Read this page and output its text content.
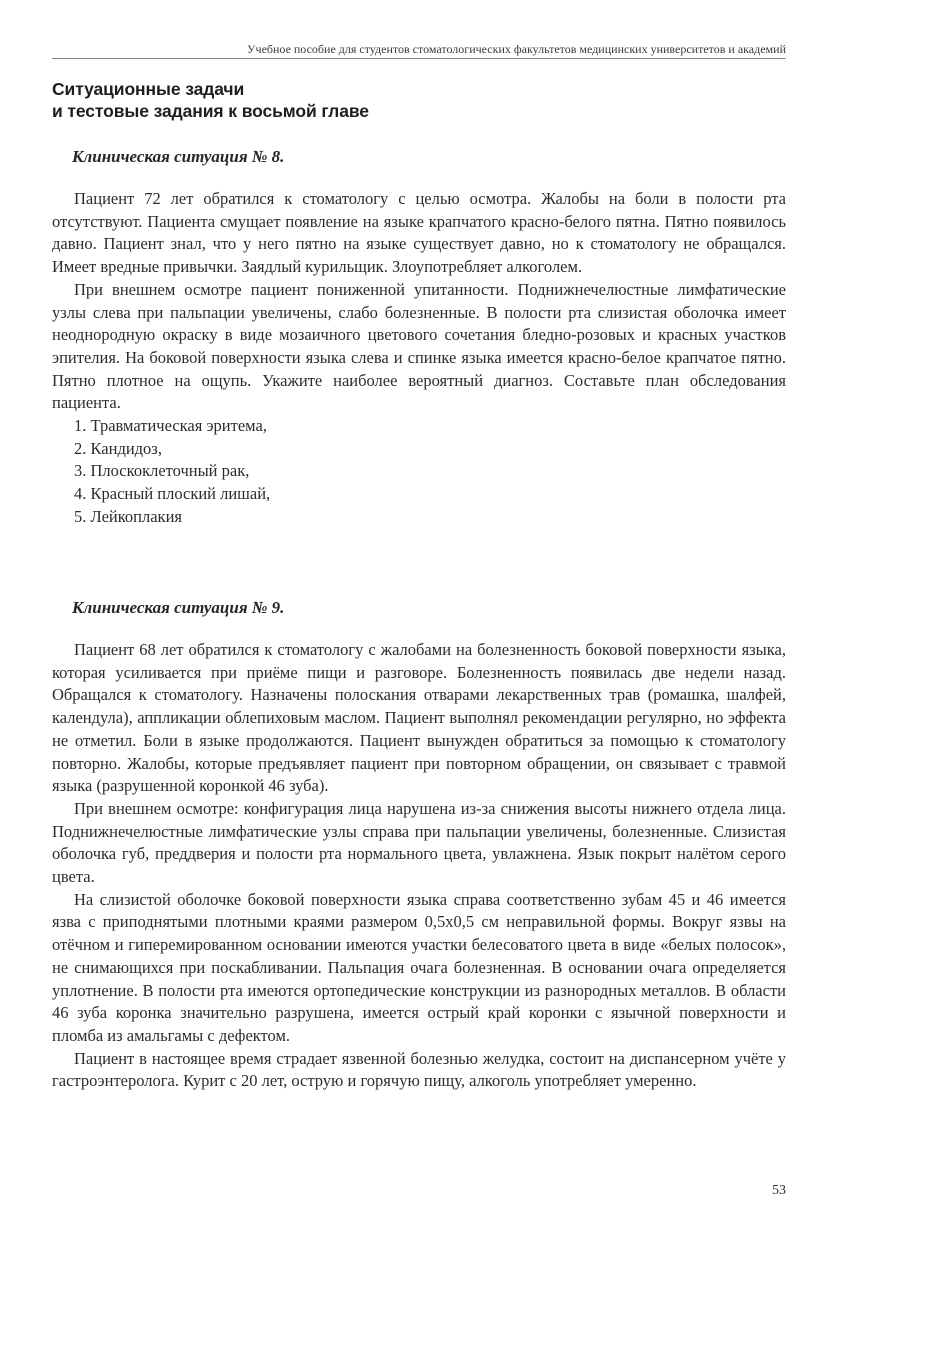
Учебное пособие для студентов стоматологических факультетов медицинских университетов и академий
Ситуационные задачи
и тестовые задания к восьмой главе

Клиническая ситуация № 8.

Пациент 72 лет обратился к стоматологу с целью осмотра. Жалобы на боли в полости рта отсутствуют. Пациента смущает появление на языке крапчатого красно-белого пятна. Пятно появилось давно. Пациент знал, что у него пятно на языке существует давно, но к стоматологу не обращался. Имеет вредные привычки. Заядлый курильщик. Злоупотребляет алкоголем.

При внешнем осмотре пациент пониженной упитанности. Поднижнечелюстные лимфатические узлы слева при пальпации увеличены, слабо болезненные. В полости рта слизистая оболочка имеет неоднородную окраску в виде мозаичного цветового сочетания бледно-розовых и красных участков эпителия. На боковой поверхности языка слева и спинке языка имеется красно-белое крапчатое пятно. Пятно плотное на ощупь. Укажите наиболее вероятный диагноз. Составьте план обследования пациента.

1. Травматическая эритема,
2. Кандидоз,
3. Плоскоклеточный рак,
4. Красный плоский лишай,
5. Лейкоплакия

Клиническая ситуация № 9.

Пациент 68 лет обратился к стоматологу с жалобами на болезненность боковой поверхности языка, которая усиливается при приёме пищи и разговоре. Болезненность появилась две недели назад. Обращался к стоматологу. Назначены полоскания отварами лекарственных трав (ромашка, шалфей, календула), аппликации облепиховым маслом. Пациент выполнял рекомендации регулярно, но эффекта не отметил. Боли в языке продолжаются. Пациент вынужден обратиться за помощью к стоматологу повторно. Жалобы, которые предъявляет пациент при повторном обращении, он связывает с травмой языка (разрушенной коронкой 46 зуба).

При внешнем осмотре: конфигурация лица нарушена из-за снижения высоты нижнего отдела лица. Поднижнечелюстные лимфатические узлы справа при пальпации увеличены, болезненные. Слизистая оболочка губ, преддверия и полости рта нормального цвета, увлажнена. Язык покрыт налётом серого цвета.

На слизистой оболочке боковой поверхности языка справа соответственно зубам 45 и 46 имеется язва с приподнятыми плотными краями размером 0,5х0,5 см неправильной формы. Вокруг язвы на отёчном и гиперемированном основании имеются участки белесоватого цвета в виде «белых полосок», не снимающихся при поскабливании. Пальпация очага болезненная. В основании очага определяется уплотнение. В полости рта имеются ортопедические конструкции из разнородных металлов. В области 46 зуба коронка значительно разрушена, имеется острый край коронки с язычной поверхности и пломба из амальгамы с дефектом.

Пациент в настоящее время страдает язвенной болезнью желудка, состоит на диспансерном учёте у гастроэнтеролога. Курит с 20 лет, острую и горячую пищу, алкоголь употребляет умеренно.

53
